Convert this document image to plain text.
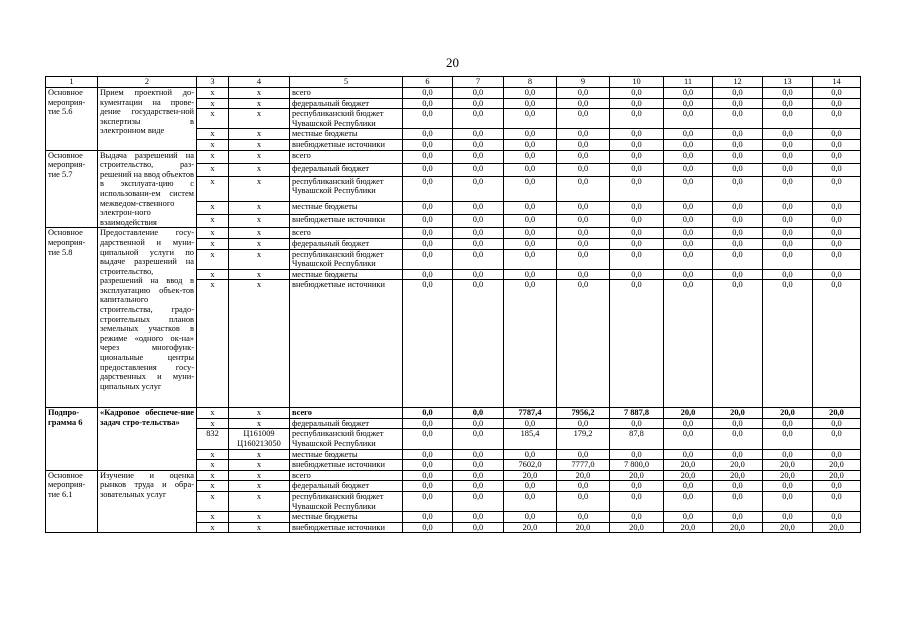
20
1	2	3	4	5	6	7	8	9	10	11	12	13	14
Основное мероприя-тие 5.6	Прием проектной до-кументации на прове-дение государствен-ной экспертизы в электронном виде	х	х	всего	0,0	0,0	0,0	0,0	0,0	0,0	0,0	0,0	0,0
		х	х	федеральный бюджет	0,0	0,0	0,0	0,0	0,0	0,0	0,0	0,0	0,0
		х	х	республиканский бюджет Чувашской Республики	0,0	0,0	0,0	0,0	0,0	0,0	0,0	0,0	0,0
		х	х	местные бюджеты	0,0	0,0	0,0	0,0	0,0	0,0	0,0	0,0	0,0
		х	х	внебюджетные источники	0,0	0,0	0,0	0,0	0,0	0,0	0,0	0,0	0,0
Основное мероприя-тие 5.7	Выдача разрешений на строительство, раз-решений на ввод объектов в эксплуата-цию с использовани-ем систем межведом-ственного электрон-ного взаимодействия	х	х	всего	0,0	0,0	0,0	0,0	0,0	0,0	0,0	0,0	0,0
		х	х	федеральный бюджет	0,0	0,0	0,0	0,0	0,0	0,0	0,0	0,0	0,0
		х	х	республиканский бюджет Чувашской Республики	0,0	0,0	0,0	0,0	0,0	0,0	0,0	0,0	0,0
		х	х	местные бюджеты	0,0	0,0	0,0	0,0	0,0	0,0	0,0	0,0	0,0
		х	х	внебюджетные источники	0,0	0,0	0,0	0,0	0,0	0,0	0,0	0,0	0,0
Основное мероприя-тие 5.8	Предоставление госу-дарственной и муни-ципальной услуги по выдаче разрешений на строительство, разрешений на ввод в эксплуатацию объек-тов капитального строительства, градо-строительных планов земельных участков в режиме «одного ок-на» через многофунк-циональные центры предоставления госу-дарственных и муни-ципальных услуг	х	х	всего	0,0	0,0	0,0	0,0	0,0	0,0	0,0	0,0	0,0
		х	х	федеральный бюджет	0,0	0,0	0,0	0,0	0,0	0,0	0,0	0,0	0,0
		х	х	республиканский бюджет Чувашской Республики	0,0	0,0	0,0	0,0	0,0	0,0	0,0	0,0	0,0
		х	х	местные бюджеты	0,0	0,0	0,0	0,0	0,0	0,0	0,0	0,0	0,0
		х	х	внебюджетные источники	0,0	0,0	0,0	0,0	0,0	0,0	0,0	0,0	0,0
Подпро-грамма 6	«Кадровое обеспече-ние задач стро-тельства»	х	х	всего	0,0	0,0	7787,4	7956,2	7 887,8	20,0	20,0	20,0	20,0
		х	х	федеральный бюджет	0,0	0,0	0,0	0,0	0,0	0,0	0,0	0,0	0,0
		832	Ц161009 Ц160213050	республиканский бюджет Чувашской Республики	0,0	0,0	185,4	179,2	87,8	0,0	0,0	0,0	0,0
		х	х	местные бюджеты	0,0	0,0	0,0	0,0	0,0	0,0	0,0	0,0	0,0
		х	х	внебюджетные источники	0,0	0,0	7602,0	7777,0	7 800,0	20,0	20,0	20,0	20,0
Основное мероприя-тие 6.1	Изучение и оценка рынков труда и обра-зовательных услуг	х	х	всего	0,0	0,0	20,0	20,0	20,0	20,0	20,0	20,0	20,0
		х	х	федеральный бюджет	0,0	0,0	0,0	0,0	0,0	0,0	0,0	0,0	0,0
		х	х	республиканский бюджет Чувашской Республики	0,0	0,0	0,0	0,0	0,0	0,0	0,0	0,0	0,0
		х	х	местные бюджеты	0,0	0,0	0,0	0,0	0,0	0,0	0,0	0,0	0,0
		х	х	внебюджетные источники	0,0	0,0	20,0	20,0	20,0	20,0	20,0	20,0	20,0
